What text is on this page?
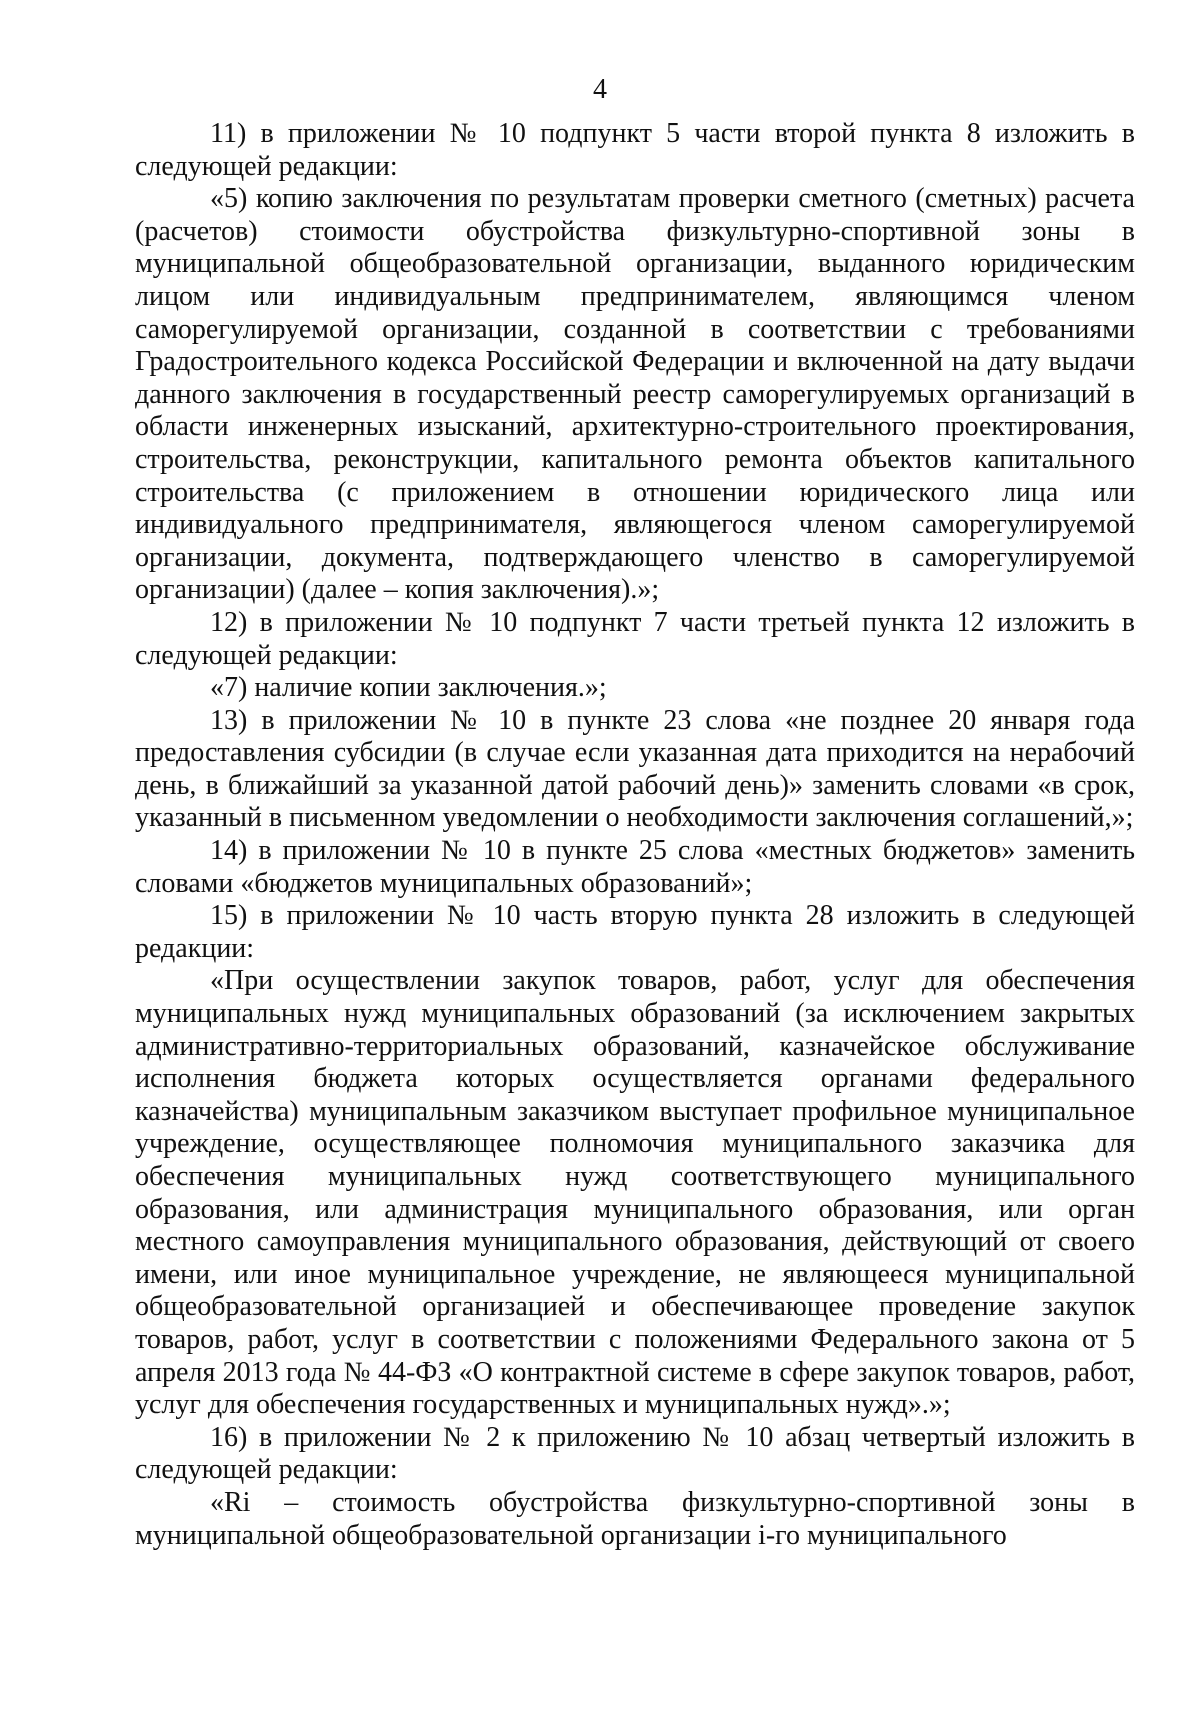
4

11) в приложении № 10 подпункт 5 части второй пункта 8 изложить в следующей редакции:

«5) копию заключения по результатам проверки сметного (сметных) расчета (расчетов) стоимости обустройства физкультурно-спортивной зоны в муниципальной общеобразовательной организации, выданного юридическим лицом или индивидуальным предпринимателем, являющимся членом саморегулируемой организации, созданной в соответствии с требованиями Градостроительного кодекса Российской Федерации и включенной на дату выдачи данного заключения в государственный реестр саморегулируемых организаций в области инженерных изысканий, архитектурно-строительного проектирования, строительства, реконструкции, капитального ремонта объектов капитального строительства (с приложением в отношении юридического лица или индивидуального предпринимателя, являющегося членом саморегулируемой организации, документа, подтверждающего членство в саморегулируемой организации) (далее – копия заключения).»;

12) в приложении № 10 подпункт 7 части третьей пункта 12 изложить в следующей редакции:

«7) наличие копии заключения.»;

13) в приложении № 10 в пункте 23 слова «не позднее 20 января года предоставления субсидии (в случае если указанная дата приходится на нерабочий день, в ближайший за указанной датой рабочий день)» заменить словами «в срок, указанный в письменном уведомлении о необходимости заключения соглашений,»;

14) в приложении № 10 в пункте 25 слова «местных бюджетов» заменить словами «бюджетов муниципальных образований»;

15) в приложении № 10 часть вторую пункта 28 изложить в следующей редакции:

«При осуществлении закупок товаров, работ, услуг для обеспечения муниципальных нужд муниципальных образований (за исключением закрытых административно-территориальных образований, казначейское обслуживание исполнения бюджета которых осуществляется органами федерального казначейства) муниципальным заказчиком выступает профильное муниципальное учреждение, осуществляющее полномочия муниципального заказчика для обеспечения муниципальных нужд соответствующего муниципального образования, или администрация муниципального образования, или орган местного самоуправления муниципального образования, действующий от своего имени, или иное муниципальное учреждение, не являющееся муниципальной общеобразовательной организацией и обеспечивающее проведение закупок товаров, работ, услуг в соответствии с положениями Федерального закона от 5 апреля 2013 года № 44-ФЗ «О контрактной системе в сфере закупок товаров, работ, услуг для обеспечения государственных и муниципальных нужд».»;

16) в приложении № 2 к приложению № 10 абзац четвертый изложить в следующей редакции:

«Ri – стоимость обустройства физкультурно-спортивной зоны в муниципальной общеобразовательной организации i-го муниципального
